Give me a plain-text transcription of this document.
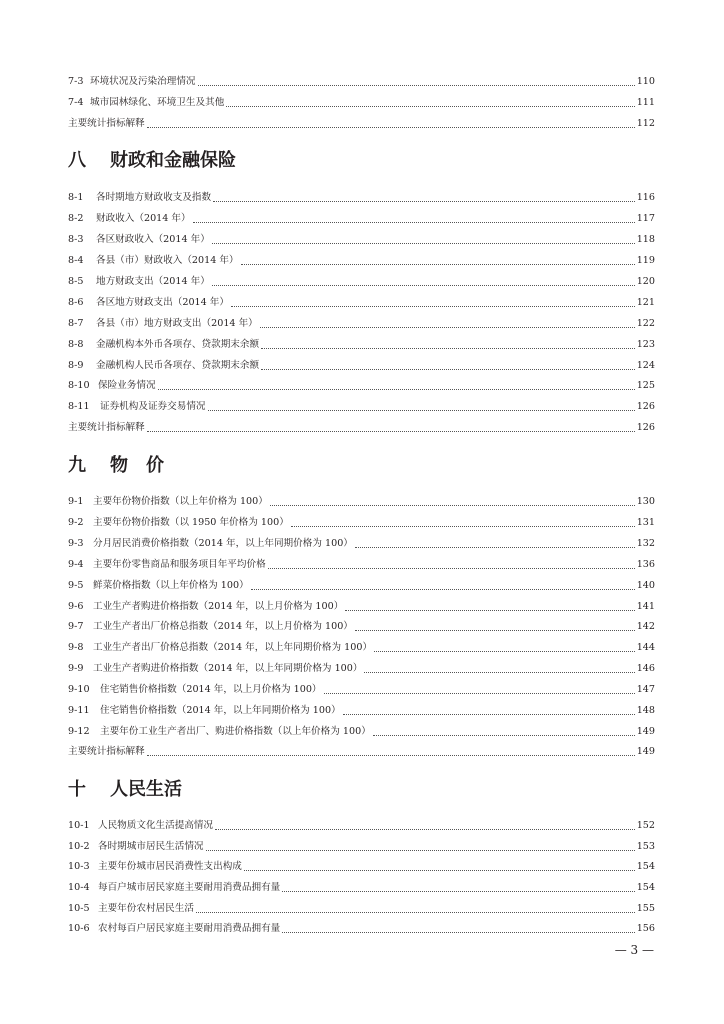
7-3 环境状况及污染治理情况	110
7-4 城市园林绿化、环境卫生及其他	111
主要统计指标解释	112
八	财政和金融保险
8-1	各时期地方财政收支及指数	116
8-2	财政收入（2014 年）	117
8-3	各区财政收入（2014 年）	118
8-4	各县（市）财政收入（2014 年）	119
8-5	地方财政支出（2014 年）	120
8-6	各区地方财政支出（2014 年）	121
8-7	各县（市）地方财政支出（2014 年）	122
8-8	金融机构本外币各项存、贷款期末余额	123
8-9	金融机构人民币各项存、贷款期末余额	124
8-10 保险业务情况	125
8-11	证券机构及证券交易情况	126
主要统计指标解释	126
九	物价
9-1 主要年份物价指数（以上年价格为 100）	130
9-2 主要年份物价指数（以 1950 年价格为 100）	131
9-3 分月居民消费价格指数（2014 年，以上年同期价格为 100）	132
9-4 主要年份零售商品和服务项目年平均价格	136
9-5 鲜菜价格指数（以上年价格为 100）	140
9-6 工业生产者购进价格指数（2014 年，以上月价格为 100）	141
9-7 工业生产者出厂价格总指数（2014 年，以上月价格为 100）	142
9-8 工业生产者出厂价格总指数（2014 年，以上年同期价格为 100）	144
9-9 工业生产者购进价格指数（2014 年，以上年同期价格为 100）	146
9-10	住宅销售价格指数（2014 年，以上月价格为 100）	147
9-11	住宅销售价格指数（2014 年，以上年同期价格为 100）	148
9-12	主要年份工业生产者出厂、购进价格指数（以上年价格为 100）	149
主要统计指标解释	149
十	人民生活
10-1 人民物质文化生活提高情况	152
10-2 各时期城市居民生活情况	153
10-3 主要年份城市居民消费性支出构成	154
10-4 每百户城市居民家庭主要耐用消费品拥有量	154
10-5 主要年份农村居民生活	155
10-6 农村每百户居民家庭主要耐用消费品拥有量	156
— 3 —
